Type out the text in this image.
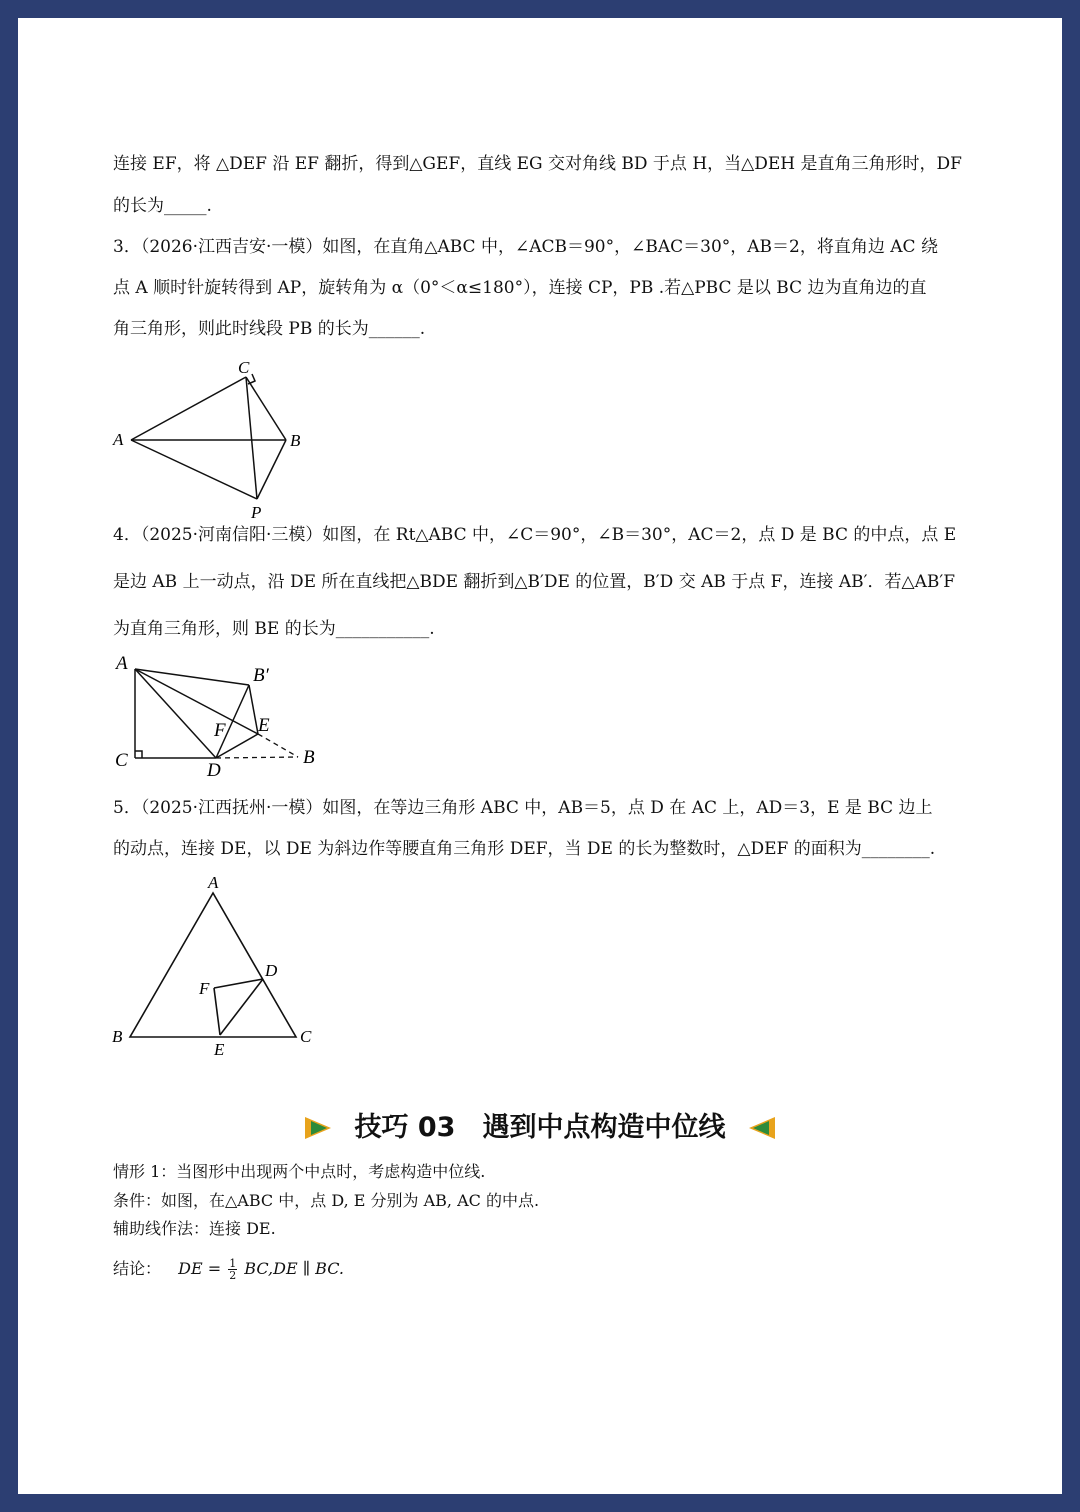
连接 EF，将 △DEF 沿 EF 翻折，得到△GEF，直线 EG 交对角线 BD 于点 H，当△DEH 是直角三角形时，DF
的长为_____.
3．（2026·江西吉安·一模）如图，在直角△ABC 中，∠ACB＝90°，∠BAC＝30°，AB＝2，将直角边 AC 绕
点 A 顺时针旋转得到 AP，旋转角为 α（0°＜α≤180°），连接 CP，PB .若△PBC 是以 BC 边为直角边的直
角三角形，则此时线段 PB 的长为______.
C
A	B
P
4．（2025·河南信阳·三模）如图，在 Rt△ABC 中，∠C＝90°，∠B＝30°，AC＝2，点 D 是 BC 的中点，点 E
是边 AB 上一动点，沿 DE 所在直线把△BDE 翻折到△B′DE 的位置，B′D 交 AB 于点 F，连接 AB′．若△AB′F
为直角三角形，则 BE 的长为___________.
A
B′
F E
C	D
B
5．（2025·江西抚州·一模）如图，在等边三角形 ABC 中，AB＝5，点 D 在 AC 上，AD＝3，E 是 BC 边上
的动点，连接 DE，以 DE 为斜边作等腰直角三角形 DEF，当 DE 的长为整数时，△DEF 的面积为________.
A
D
F
B
E
C
技巧 03　遇到中点构造中位线
情形 1：当图形中出现两个中点时，考虑构造中位线.
条件：如图，在△ABC 中，点 D, E 分别为 AB, AC 的中点.
辅助线作法：连接 DE.
结论： DE = $\frac{1}{2} BC,DE$ ∥ BC.
